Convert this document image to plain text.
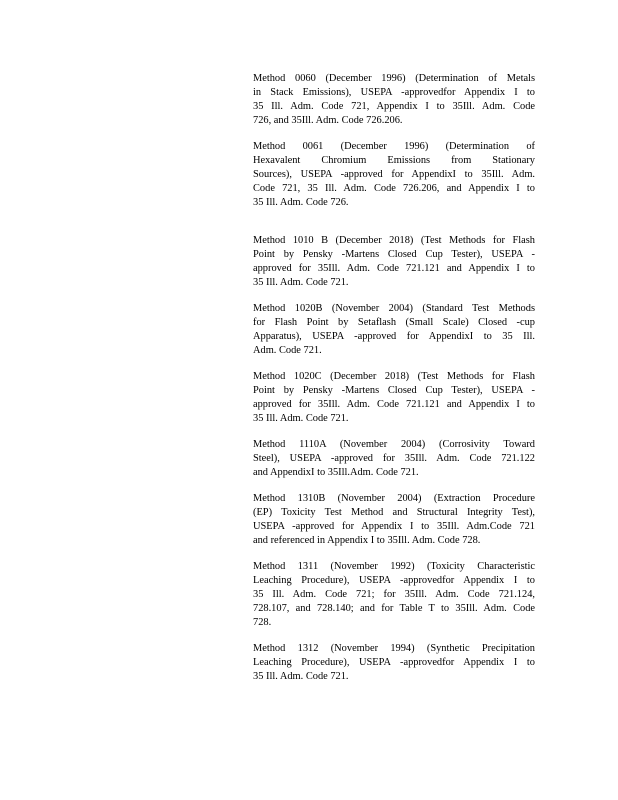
Method 0060 (December 1996) (Determination of Metals
in Stack Emissions), USEPA -approvedfor Appendix I to
35 Ill. Adm. Code 721, Appendix I to 35Ill. Adm. Code
726, and 35Ill. Adm. Code 726.206.

Method 0061 (December 1996) (Determination of
Hexavalent Chromium Emissions from Stationary
Sources), USEPA -approved for AppendixI to 35Ill. Adm.
Code 721, 35 Ill. Adm. Code 726.206, and Appendix I to
35 Ill. Adm. Code 726.

Method 1010 B (December 2018) (Test Methods for Flash
Point by Pensky -Martens Closed Cup Tester), USEPA -
approved for 35Ill. Adm. Code 721.121 and Appendix I to
35 Ill. Adm. Code 721.

Method 1020B (November 2004) (Standard Test Methods
for Flash Point by Setaflash (Small Scale) Closed -cup
Apparatus), USEPA -approved for AppendixI to 35 Ill.
Adm. Code 721.

Method 1020C (December 2018) (Test Methods for Flash
Point by Pensky -Martens Closed Cup Tester), USEPA -
approved for 35Ill. Adm. Code 721.121 and Appendix I to
35 Ill. Adm. Code 721.

Method 1110A (November 2004) (Corrosivity Toward
Steel), USEPA -approved for 35Ill. Adm. Code 721.122
and AppendixI to 35Ill.Adm. Code 721.

Method 1310B (November 2004) (Extraction Procedure
(EP) Toxicity Test Method and Structural Integrity Test),
USEPA -approved for Appendix I to 35Ill. Adm.Code 721
and referenced in Appendix I to 35Ill. Adm. Code 728.

Method 1311 (November 1992) (Toxicity Characteristic
Leaching Procedure), USEPA -approvedfor Appendix I to
35 Ill. Adm. Code 721; for 35Ill. Adm. Code 721.124,
728.107, and 728.140; and for Table T to 35Ill. Adm. Code
728.

Method 1312 (November 1994) (Synthetic Precipitation
Leaching Procedure), USEPA -approvedfor Appendix I to
35 Ill. Adm. Code 721.
